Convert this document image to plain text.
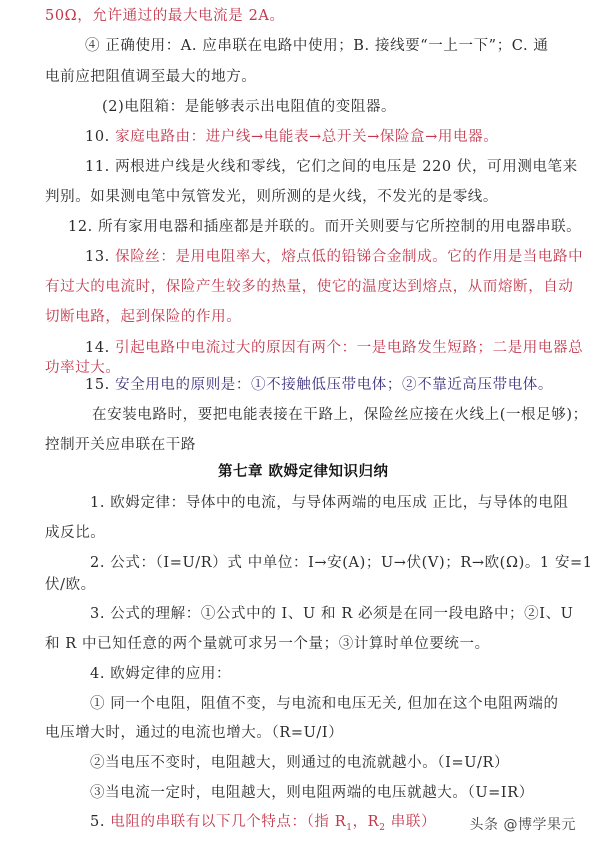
50Ω，允许通过的最大电流是 2A。
④ 正确使用：A. 应串联在电路中使用；B. 接线要“一上一下”；C. 通
电前应把阻值调至最大的地方。
(2)电阻箱：是能够表示出电阻值的变阻器。
10. 家庭电路由：进户线→电能表→总开关→保险盒→用电器。
11. 两根进户线是火线和零线，它们之间的电压是 220 伏，可用测电笔来
判别。如果测电笔中氖管发光，则所测的是火线，不发光的是零线。
12. 所有家用电器和插座都是并联的。而开关则要与它所控制的用电器串联。
13. 保险丝：是用电阻率大，熔点低的铅锑合金制成。它的作用是当电路中
有过大的电流时，保险产生较多的热量，使它的温度达到熔点，从而熔断，自动
切断电路，起到保险的作用。
14. 引起电路中电流过大的原因有两个：一是电路发生短路；二是用电器总
功率过大。
15. 安全用电的原则是：①不接触低压带电体；②不靠近高压带电体。
在安装电路时，要把电能表接在干路上，保险丝应接在火线上(一根足够)；
控制开关应串联在干路
第七章 欧姆定律知识归纳
1. 欧姆定律：导体中的电流，与导体两端的电压成 正比，与导体的电阻
成反比。
2. 公式：（I=U/R）式 中单位：I→安(A)；U→伏(V)；R→欧(Ω)。1 安=1
伏/欧。
3. 公式的理解：①公式中的 I、U 和 R 必须是在同一段电路中；②I、U
和 R 中已知任意的两个量就可求另一个量；③计算时单位要统一。
4. 欧姆定律的应用：
① 同一个电阻，阻值不变，与电流和电压无关, 但加在这个电阻两端的
电压增大时，通过的电流也增大。（R=U/I）
②当电压不变时，电阻越大，则通过的电流就越小。（I=U/R）
③当电流一定时，电阻越大，则电阻两端的电压就越大。（U=IR）
5. 电阻的串联有以下几个特点：（指 $R_1$，$R_2$ 串联） 头条 @博学果元
